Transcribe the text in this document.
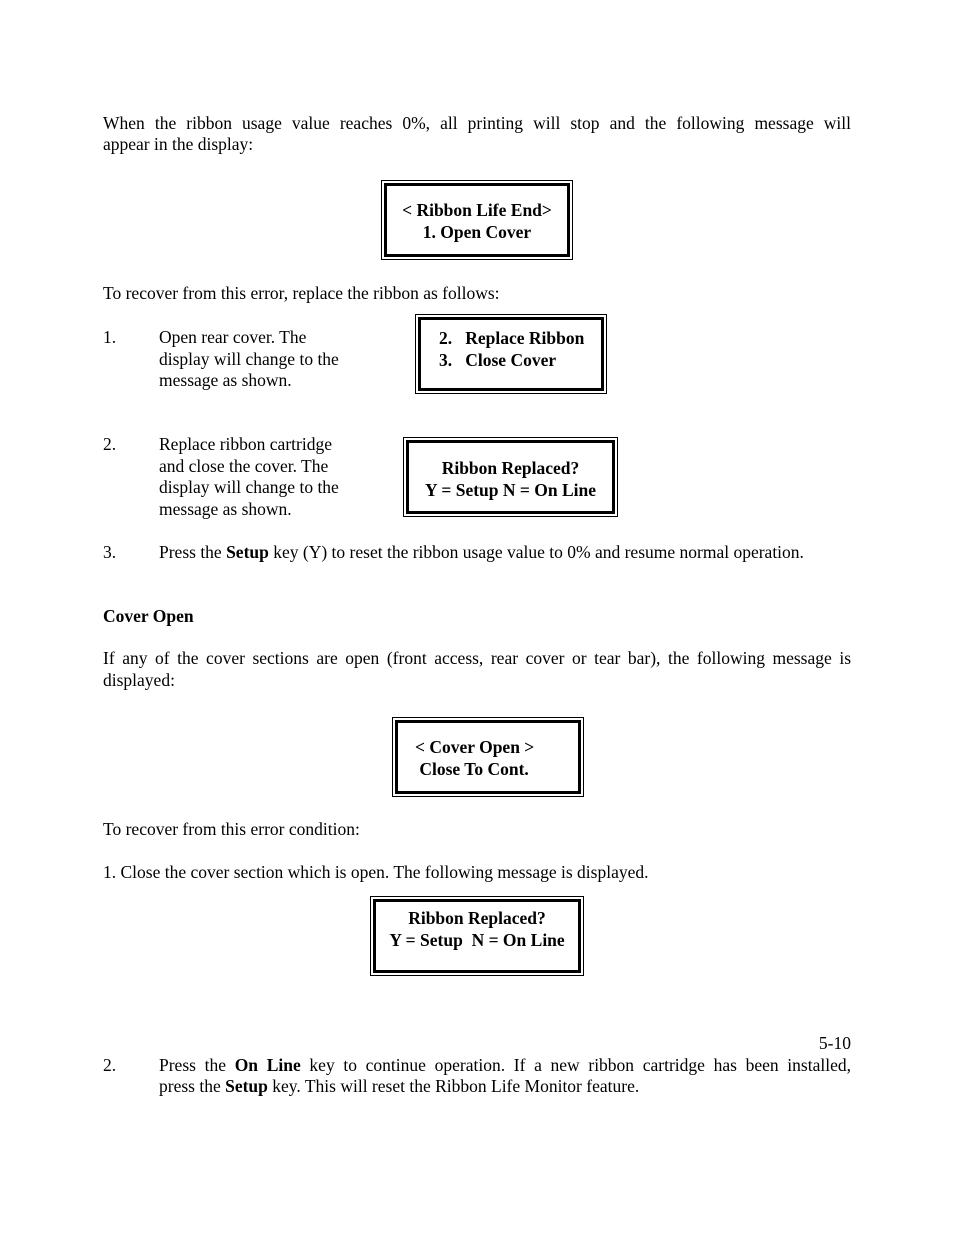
When the ribbon usage value reaches 0%, all printing will stop and the following message will
appear in the display:
< Ribbon Life End>
1. Open Cover
To recover from this error, replace the ribbon as follows:
1. Open rear cover. The
display will change to the
message as shown.
2.   Replace Ribbon
3.   Close Cover
2. Replace ribbon cartridge
and close the cover. The
display will change to the
message as shown.
Ribbon Replaced?
Y = Setup N = On Line
3. Press the Setup key (Y) to reset the ribbon usage value to 0% and resume normal operation.
Cover Open
If any of the cover sections are open (front access, rear cover or tear bar), the following message is
displayed:
< Cover Open >
Close To Cont.
To recover from this error condition:
1. Close the cover section which is open. The following message is displayed.
Ribbon Replaced?
Y = Setup  N = On Line
5-10
2. Press the On Line key to continue operation. If a new ribbon cartridge has been installed,
press the Setup key. This will reset the Ribbon Life Monitor feature.
